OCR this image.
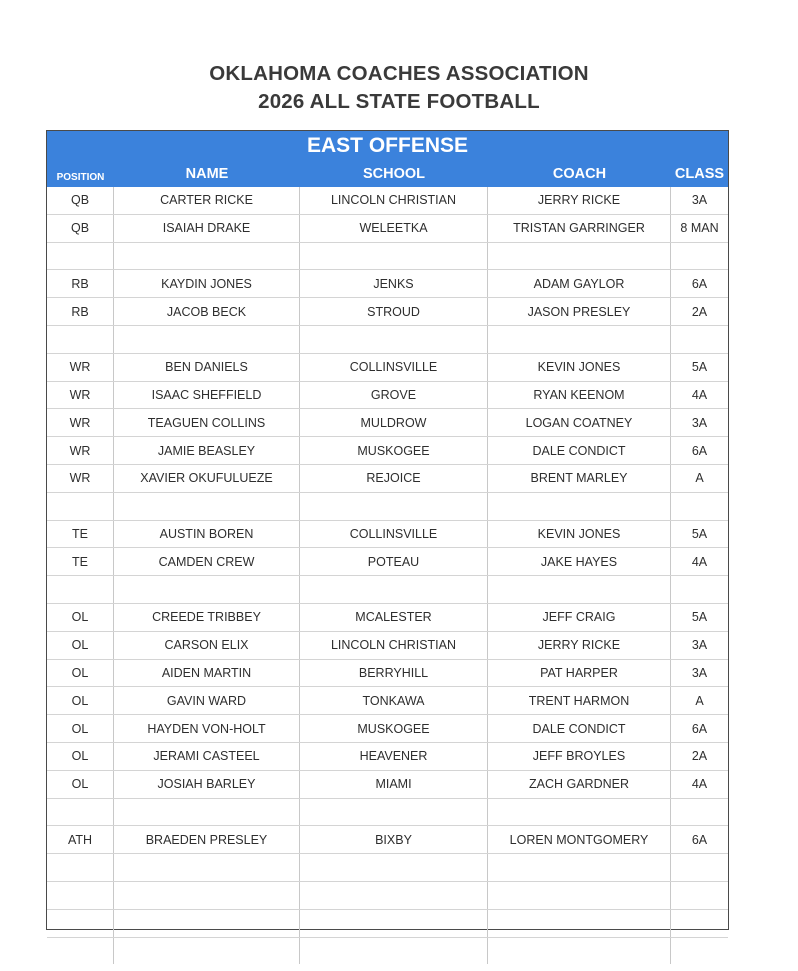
OKLAHOMA COACHES ASSOCIATION
2026 ALL STATE FOOTBALL
EAST OFFENSE
POSITION	NAME	SCHOOL	COACH	CLASS
QB	CARTER RICKE	LINCOLN CHRISTIAN	JERRY RICKE	3A
QB	ISAIAH DRAKE	WELEETKA	TRISTAN GARRINGER	8 MAN
RB	KAYDIN JONES	JENKS	ADAM GAYLOR	6A
RB	JACOB BECK	STROUD	JASON PRESLEY	2A
WR	BEN DANIELS	COLLINSVILLE	KEVIN JONES	5A
WR	ISAAC SHEFFIELD	GROVE	RYAN KEENOM	4A
WR	TEAGUEN COLLINS	MULDROW	LOGAN COATNEY	3A
WR	JAMIE BEASLEY	MUSKOGEE	DALE CONDICT	6A
WR	XAVIER OKUFULUEZE	REJOICE	BRENT MARLEY	A
TE	AUSTIN BOREN	COLLINSVILLE	KEVIN JONES	5A
TE	CAMDEN CREW	POTEAU	JAKE HAYES	4A
OL	CREEDE TRIBBEY	MCALESTER	JEFF CRAIG	5A
OL	CARSON ELIX	LINCOLN CHRISTIAN	JERRY RICKE	3A
OL	AIDEN MARTIN	BERRYHILL	PAT HARPER	3A
OL	GAVIN WARD	TONKAWA	TRENT HARMON	A
OL	HAYDEN VON-HOLT	MUSKOGEE	DALE CONDICT	6A
OL	JERAMI CASTEEL	HEAVENER	JEFF BROYLES	2A
OL	JOSIAH BARLEY	MIAMI	ZACH GARDNER	4A
ATH	BRAEDEN PRESLEY	BIXBY	LOREN MONTGOMERY	6A
